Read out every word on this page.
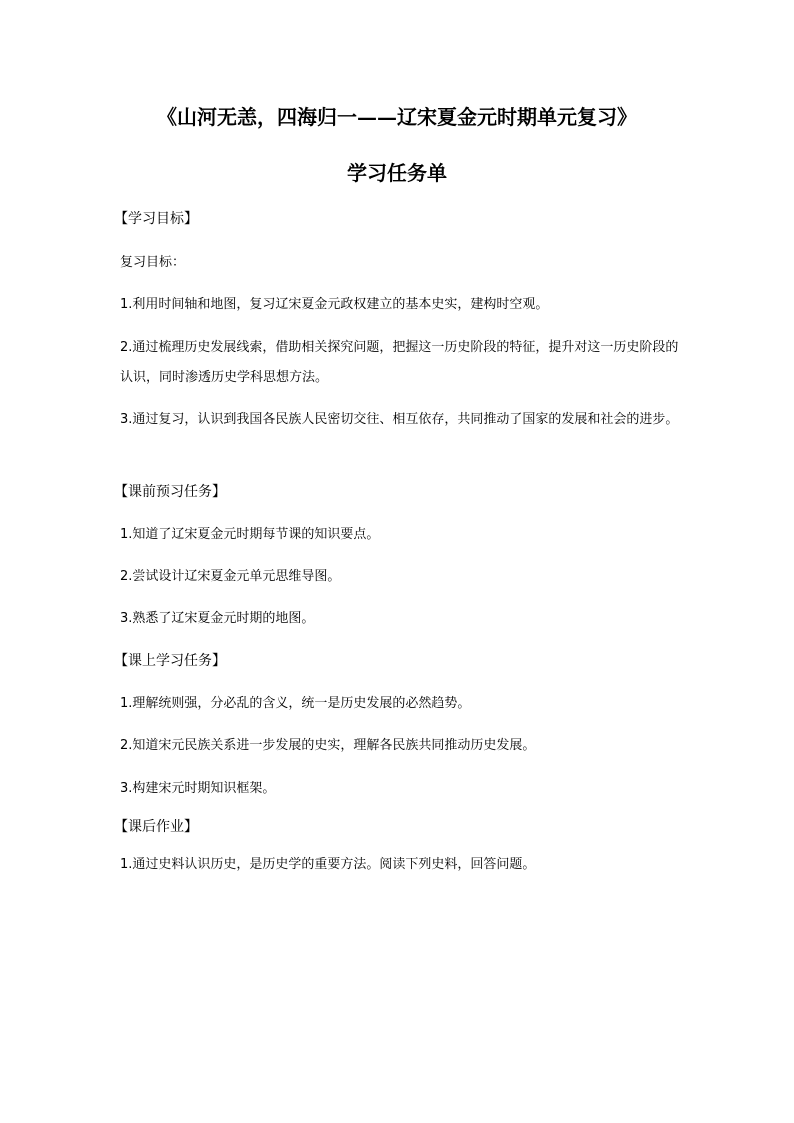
《山河无恙，四海归一——辽宋夏金元时期单元复习》
学习任务单
【学习目标】
复习目标：
1.利用时间轴和地图，复习辽宋夏金元政权建立的基本史实，建构时空观。
2.通过梳理历史发展线索，借助相关探究问题，把握这一历史阶段的特征，提升对这一历史阶段的认识，同时渗透历史学科思想方法。
3.通过复习，认识到我国各民族人民密切交往、相互依存，共同推动了国家的发展和社会的进步。
【课前预习任务】
1.知道了辽宋夏金元时期每节课的知识要点。
2.尝试设计辽宋夏金元单元思维导图。
3.熟悉了辽宋夏金元时期的地图。
【课上学习任务】
1.理解统则强，分必乱的含义，统一是历史发展的必然趋势。
2.知道宋元民族关系进一步发展的史实，理解各民族共同推动历史发展。
3.构建宋元时期知识框架。
【课后作业】
1.通过史料认识历史，是历史学的重要方法。阅读下列史料，回答问题。
